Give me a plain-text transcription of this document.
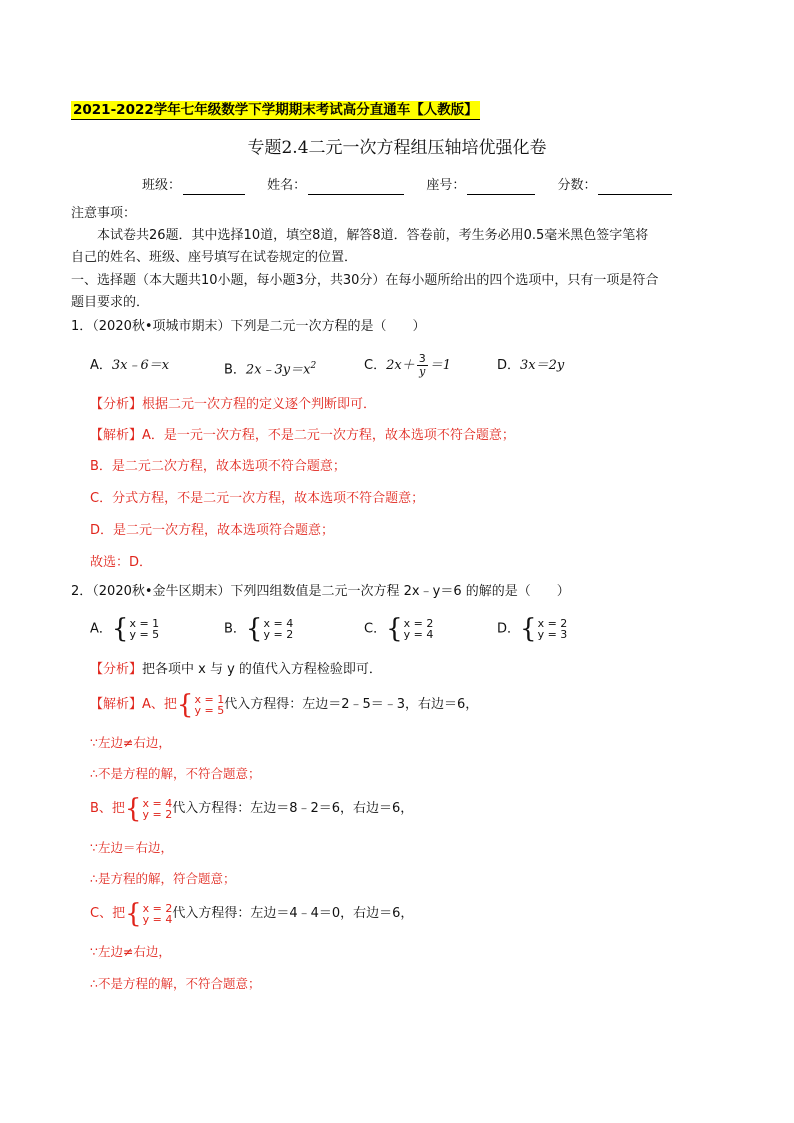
2021-2022学年七年级数学下学期期末考试高分直通车【人教版】
专题2.4二元一次方程组压轴培优强化卷
班级：	姓名：	座号：	分数：
注意事项：
本试卷共26题．其中选择10道，填空8道，解答8道．答卷前，考生务必用0.5毫米黑色签字笔将
自己的姓名、班级、座号填写在试卷规定的位置．
一、选择题（本大题共10小题，每小题3分，共30分）在每小题所给出的四个选项中，只有一项是符合
题目要求的．
1．（2020秋•项城市期末）下列是二元一次方程的是（　　）
A．3x﹣6＝x	B．$2x﹣3y=x^2$	C．$2x+ \frac{3}{y} =1$	D．3x＝2y
【分析】根据二元一次方程的定义逐个判断即可．
【解析】A．是一元一次方程，不是二元一次方程，故本选项不符合题意；
B．是二元二次方程，故本选项不符合题意；
C．分式方程，不是二元一次方程，故本选项不符合题意；
D．是二元一次方程，故本选项符合题意；
故选：D．
2．（2020秋•金牛区期末）下列四组数值是二元一次方程 2x﹣y＝6 的解的是（　　）
A． { x = 1
y = 5	B． { x = 4
y = 2	C． { x = 2
y = 4	D． { x = 2
y = 3
【分析】把各项中 x 与 y 的值代入方程检验即可．
【解析】A、把 { x = 1
y = 5 代入方程得：左边＝2﹣5＝﹣3，右边＝6，
∵左边≠右边，
∴不是方程的解，不符合题意；
B、把 { x = 4
y = 2 代入方程得：左边＝8﹣2＝6，右边＝6，
∵左边＝右边，
∴是方程的解，符合题意；
C、把 { x = 2
y = 4 代入方程得：左边＝4﹣4＝0，右边＝6，
∵左边≠右边，
∴不是方程的解，不符合题意；
